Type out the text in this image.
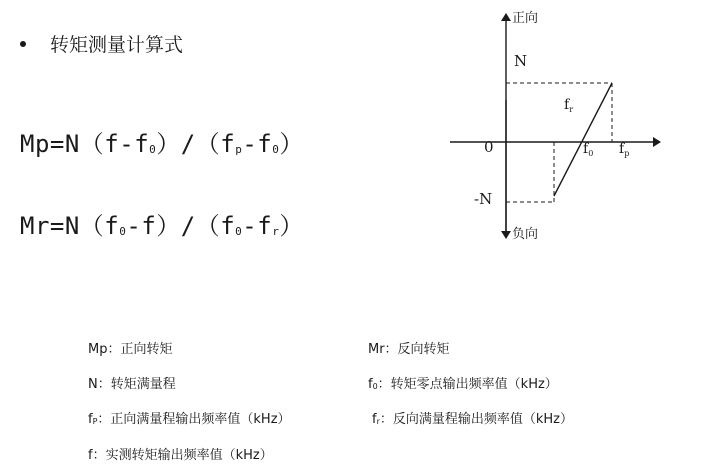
转矩测量计算式
$Mp=N(f-f_0)/(f_p-f_0)$
$Mr=N(f_0-f)/(f_0-f_r)$
正向
负向
N
-N
0
$f_r$
$f_0$ $f_p$
Mp：正向转矩	Mr：反向转矩
N：转矩满量程	$f_0$：转矩零点输出频率值（kHz）
$f_P$：正向满量程输出频率值（kHz）	$f_r$：反向满量程输出频率值（kHz）
f：实测转矩输出频率值（kHz）
